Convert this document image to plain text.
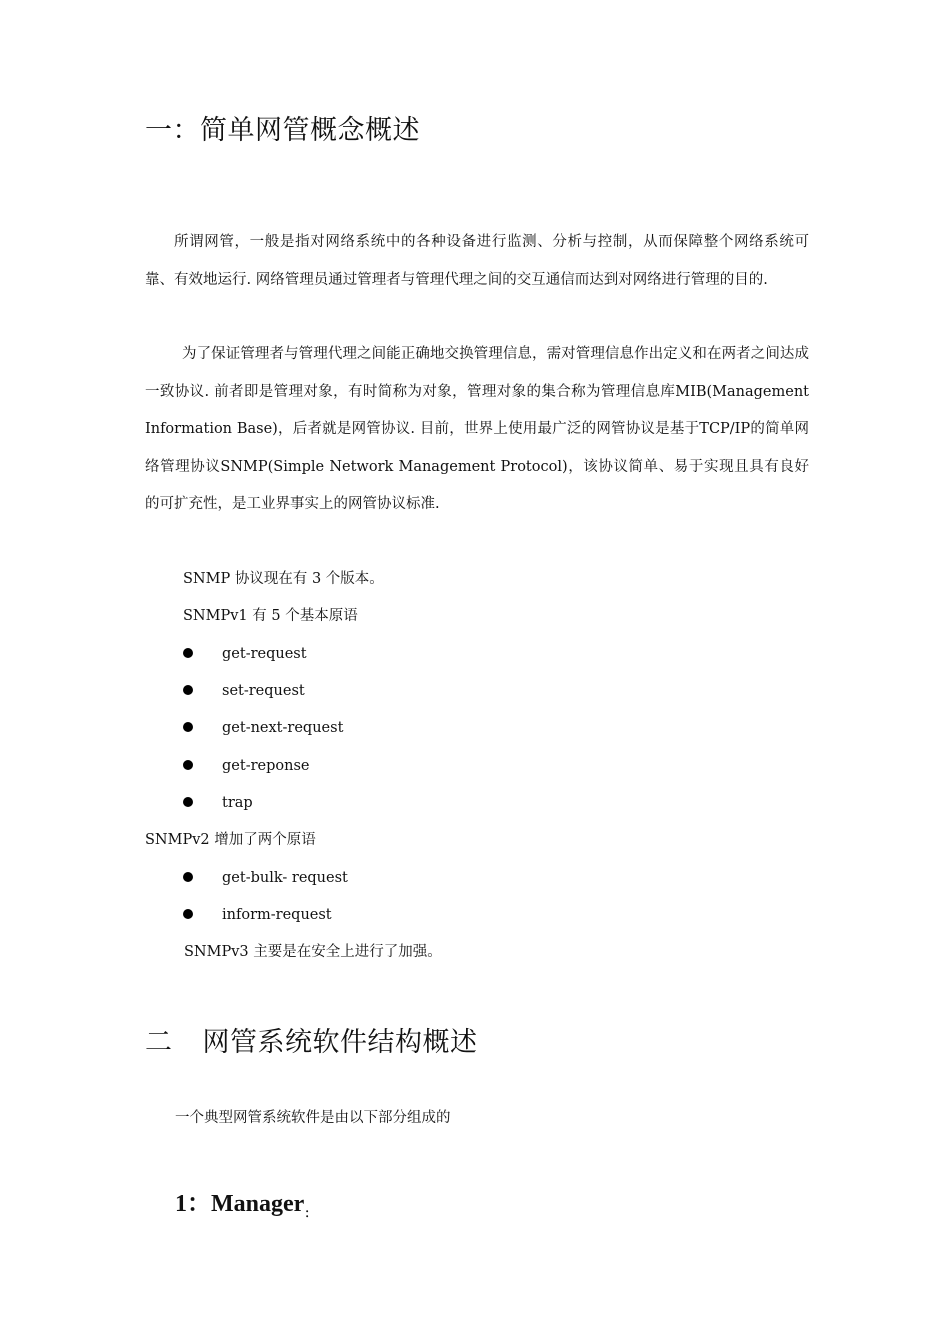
一：简单网管概念概述

所谓网管，一般是指对网络系统中的各种设备进行监测、分析与控制，从而保障整个网络系统可靠、有效地运行. 网络管理员通过管理者与管理代理之间的交互通信而达到对网络进行管理的目的.

为了保证管理者与管理代理之间能正确地交换管理信息，需对管理信息作出定义和在两者之间达成一致协议. 前者即是管理对象，有时简称为对象，管理对象的集合称为管理信息库MIB(Management Information Base)，后者就是网管协议. 目前，世界上使用最广泛的网管协议是基于TCP/IP的简单网络管理协议SNMP(Simple Network Management Protocol)，该协议简单、易于实现且具有良好的可扩充性，是工业界事实上的网管协议标准.

SNMP 协议现在有 3 个版本。
SNMPv1 有 5 个基本原语
get-request
set-request
get-next-request
get-reponse
trap
SNMPv2 增加了两个原语
get-bulk- request
inform-request
SNMPv3 主要是在安全上进行了加强。
二 网管系统软件结构概述
一个典型网管系统软件是由以下部分组成的
1：Manager$_:$
